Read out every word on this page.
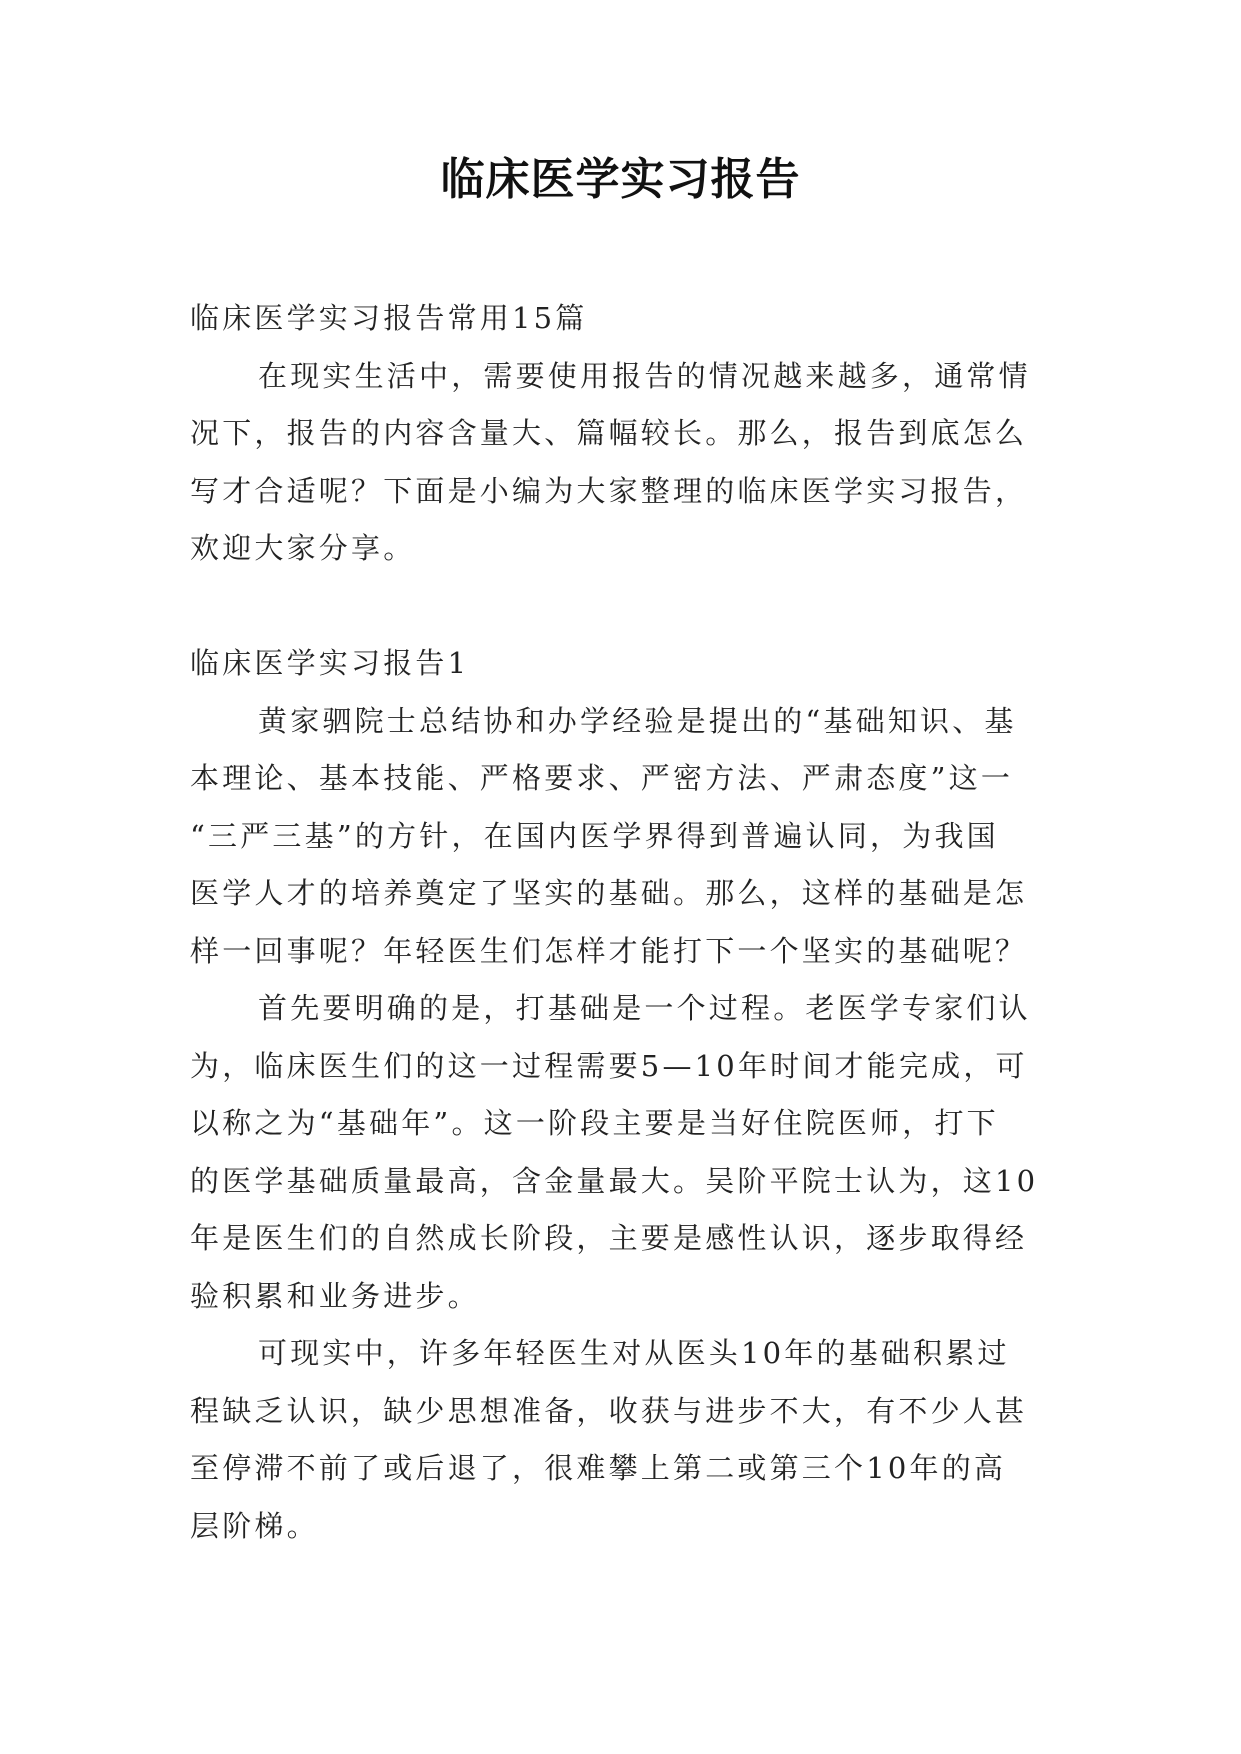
临床医学实习报告
临床医学实习报告常用15篇
在现实生活中，需要使用报告的情况越来越多，通常情
况下，报告的内容含量大、篇幅较长。那么，报告到底怎么
写才合适呢？下面是小编为大家整理的临床医学实习报告，
欢迎大家分享。
临床医学实习报告1
黄家驷院士总结协和办学经验是提出的“基础知识、基
本理论、基本技能、严格要求、严密方法、严肃态度”这一
“三严三基”的方针，在国内医学界得到普遍认同，为我国
医学人才的培养奠定了坚实的基础。那么，这样的基础是怎
样一回事呢？年轻医生们怎样才能打下一个坚实的基础呢？
首先要明确的是，打基础是一个过程。老医学专家们认
为，临床医生们的这一过程需要5—10年时间才能完成，可
以称之为“基础年”。这一阶段主要是当好住院医师，打下
的医学基础质量最高，含金量最大。吴阶平院士认为，这10
年是医生们的自然成长阶段，主要是感性认识，逐步取得经
验积累和业务进步。
可现实中，许多年轻医生对从医头10年的基础积累过
程缺乏认识，缺少思想准备，收获与进步不大，有不少人甚
至停滞不前了或后退了，很难攀上第二或第三个10年的高
层阶梯。
